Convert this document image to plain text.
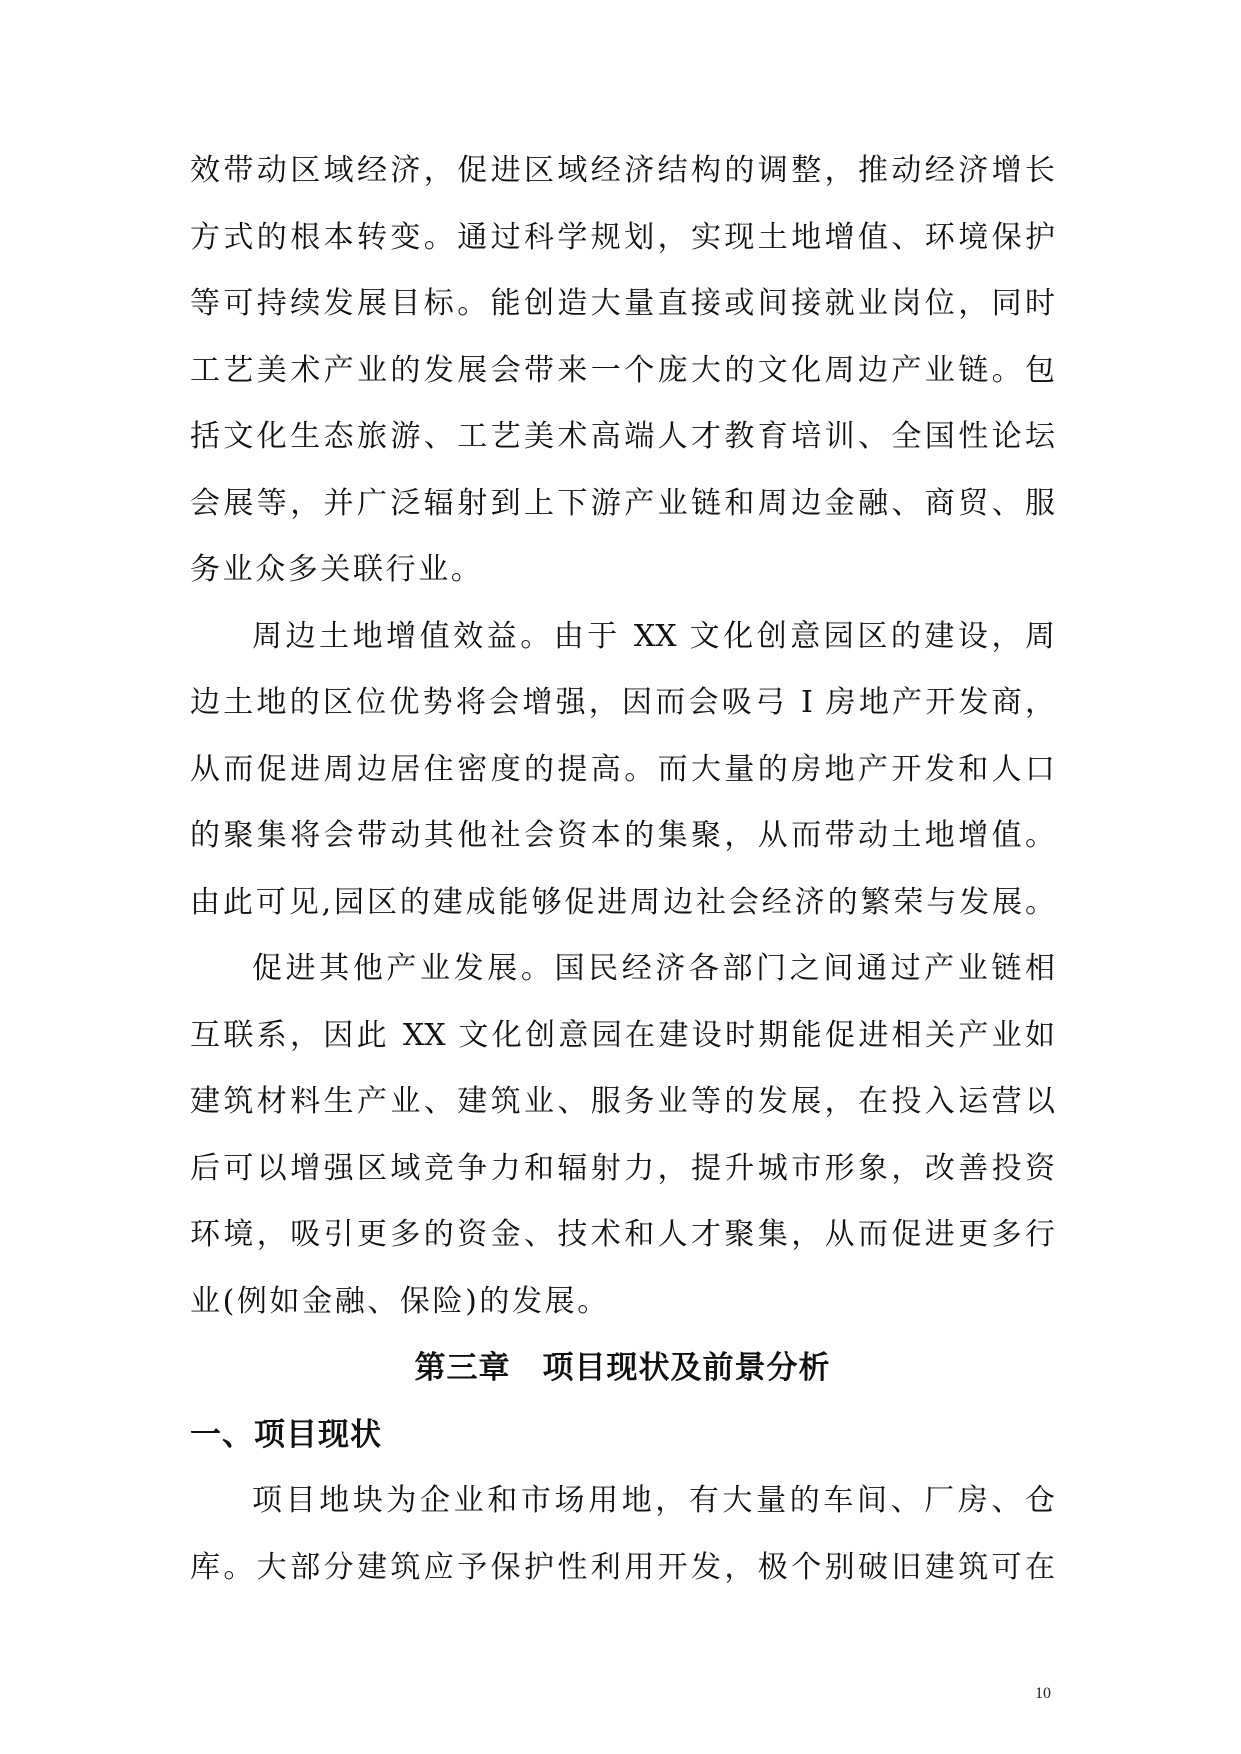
效带动区域经济，促进区域经济结构的调整，推动经济增长
方式的根本转变。通过科学规划，实现土地增值、环境保护
等可持续发展目标。能创造大量直接或间接就业岗位，同时
工艺美术产业的发展会带来一个庞大的文化周边产业链。包
括文化生态旅游、工艺美术高端人才教育培训、全国性论坛
会展等，并广泛辐射到上下游产业链和周边金融、商贸、服
务业众多关联行业。
周边土地增值效益。由于 XX 文化创意园区的建设，周
边土地的区位优势将会增强，因而会吸弓 I 房地产开发商，
从而促进周边居住密度的提高。而大量的房地产开发和人口
的聚集将会带动其他社会资本的集聚，从而带动土地增值。
由此可见,园区的建成能够促进周边社会经济的繁荣与发展。
促进其他产业发展。国民经济各部门之间通过产业链相
互联系，因此 XX 文化创意园在建设时期能促进相关产业如
建筑材料生产业、建筑业、服务业等的发展，在投入运营以
后可以增强区域竞争力和辐射力，提升城市形象，改善投资
环境，吸引更多的资金、技术和人才聚集，从而促进更多行
业(例如金融、保险)的发展。
第三章　项目现状及前景分析
一、项目现状
项目地块为企业和市场用地，有大量的车间、厂房、仓
库。大部分建筑应予保护性利用开发，极个别破旧建筑可在
10
